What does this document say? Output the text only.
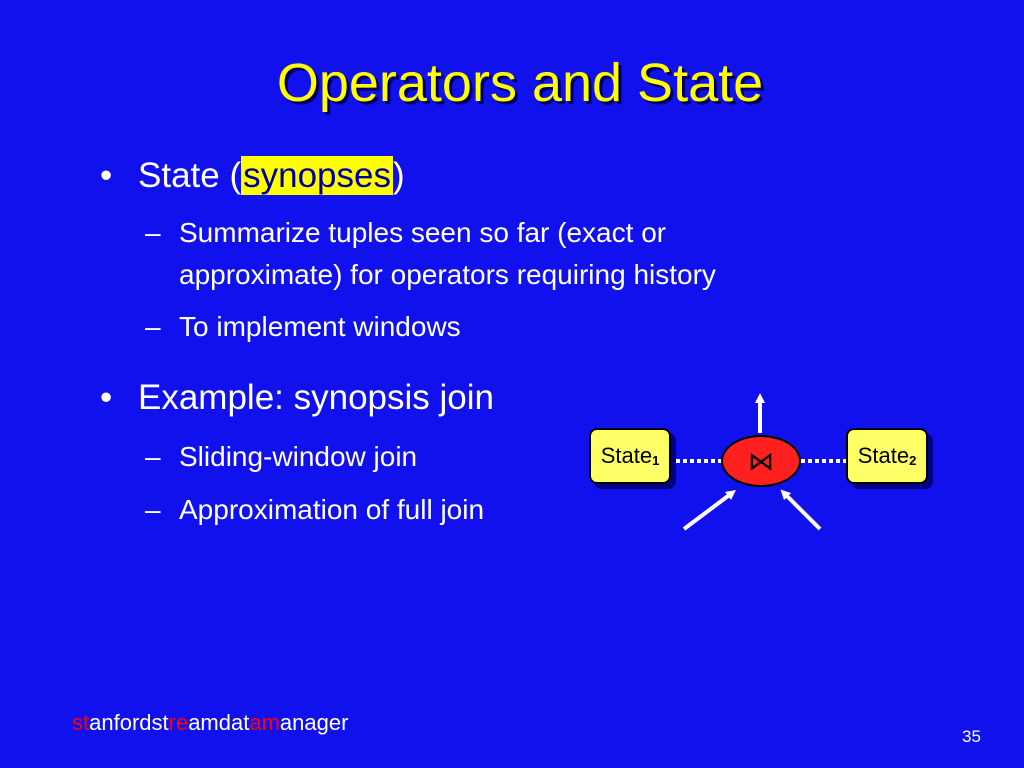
Operators and State
• State (synopses)
– Summarize tuples seen so far (exact or
approximate) for operators requiring history
– To implement windows
• Example: synopsis join
– Sliding-window join
– Approximation of full join
State$_1$	⋈	State$_2$
stanfordstreamdatamanager
35
